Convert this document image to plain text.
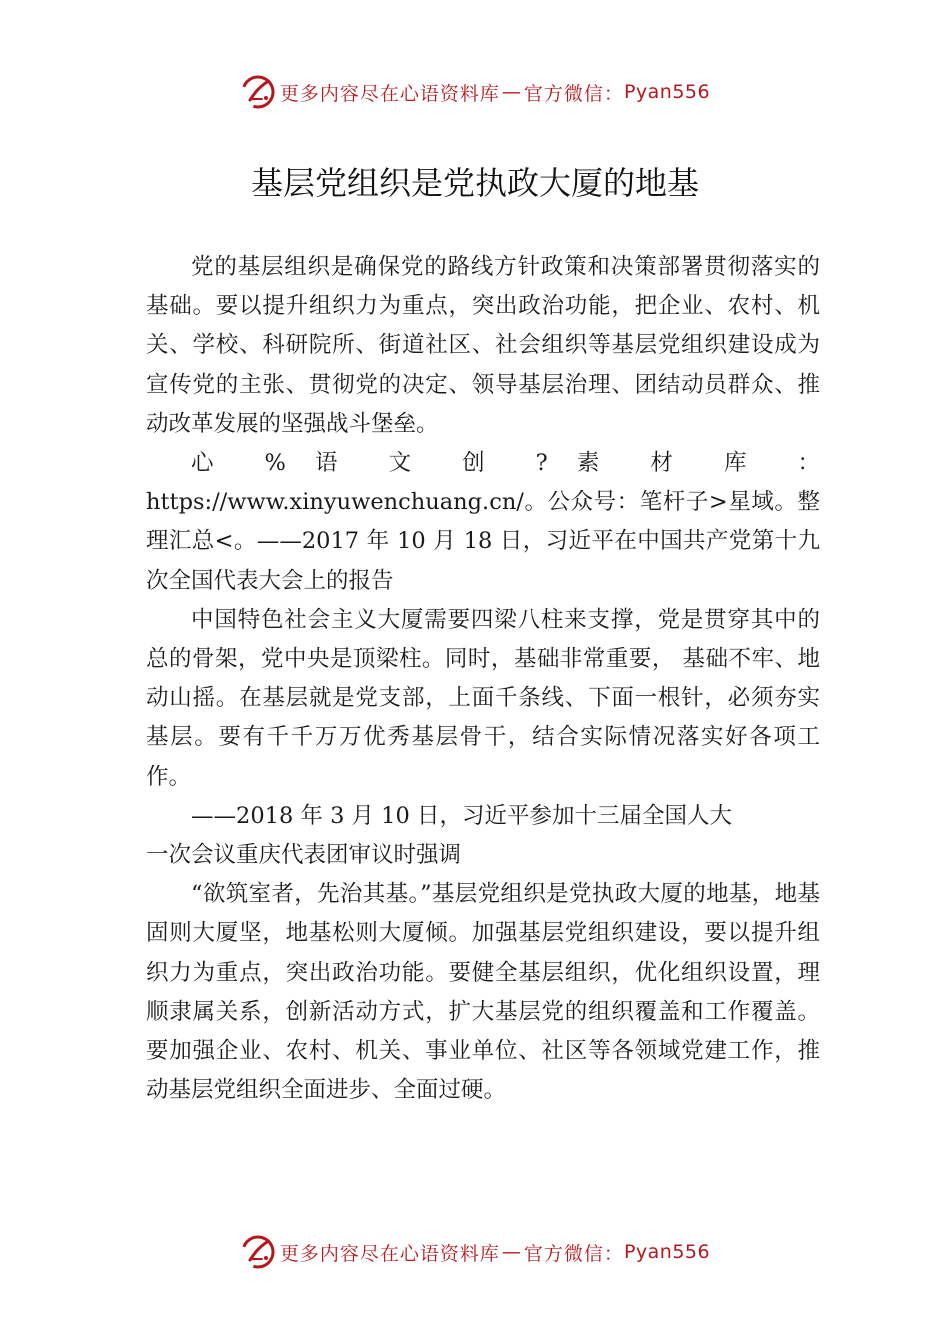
更多内容尽在心语资料库 — 官方微信： Pyan556
基层党组织是党执政大厦的地基

党的基层组织是确保党的路线方针政策和决策部署贯彻落实的基础。要以提升组织力为重点，突出政治功能，把企业、农村、机关、学校、科研院所、街道社区、社会组织等基层党组织建设成为宣传党的主张、贯彻党的决定、领导基层治理、团结动员群众、推动改革发展的坚强战斗堡垒。

心 % 语 文 创 ? 素 材 库 ： https://www.xinyuwenchuang.cn/。公众号：笔杆子>星域。整理汇总<。——2017 年 10 月 18 日，习近平在中国共产党第十九次全国代表大会上的报告

中国特色社会主义大厦需要四梁八柱来支撑，党是贯穿其中的总的骨架，党中央是顶梁柱。同时，基础非常重要， 基础不牢、地动山摇。在基层就是党支部，上面千条线、下面一根针，必须夯实基层。要有千千万万优秀基层骨干，结合实际情况落实好各项工作。

——2018 年 3 月 10 日，习近平参加十三届全国人大

一次会议重庆代表团审议时强调

“欲筑室者，先治其基。”基层党组织是党执政大厦的地基，地基固则大厦坚，地基松则大厦倾。加强基层党组织建设，要以提升组织力为重点，突出政治功能。要健全基层组织，优化组织设置，理顺隶属关系，创新活动方式，扩大基层党的组织覆盖和工作覆盖。要加强企业、农村、机关、事业单位、社区等各领域党建工作，推动基层党组织全面进步、全面过硬。

更多内容尽在心语资料库 — 官方微信： Pyan556
